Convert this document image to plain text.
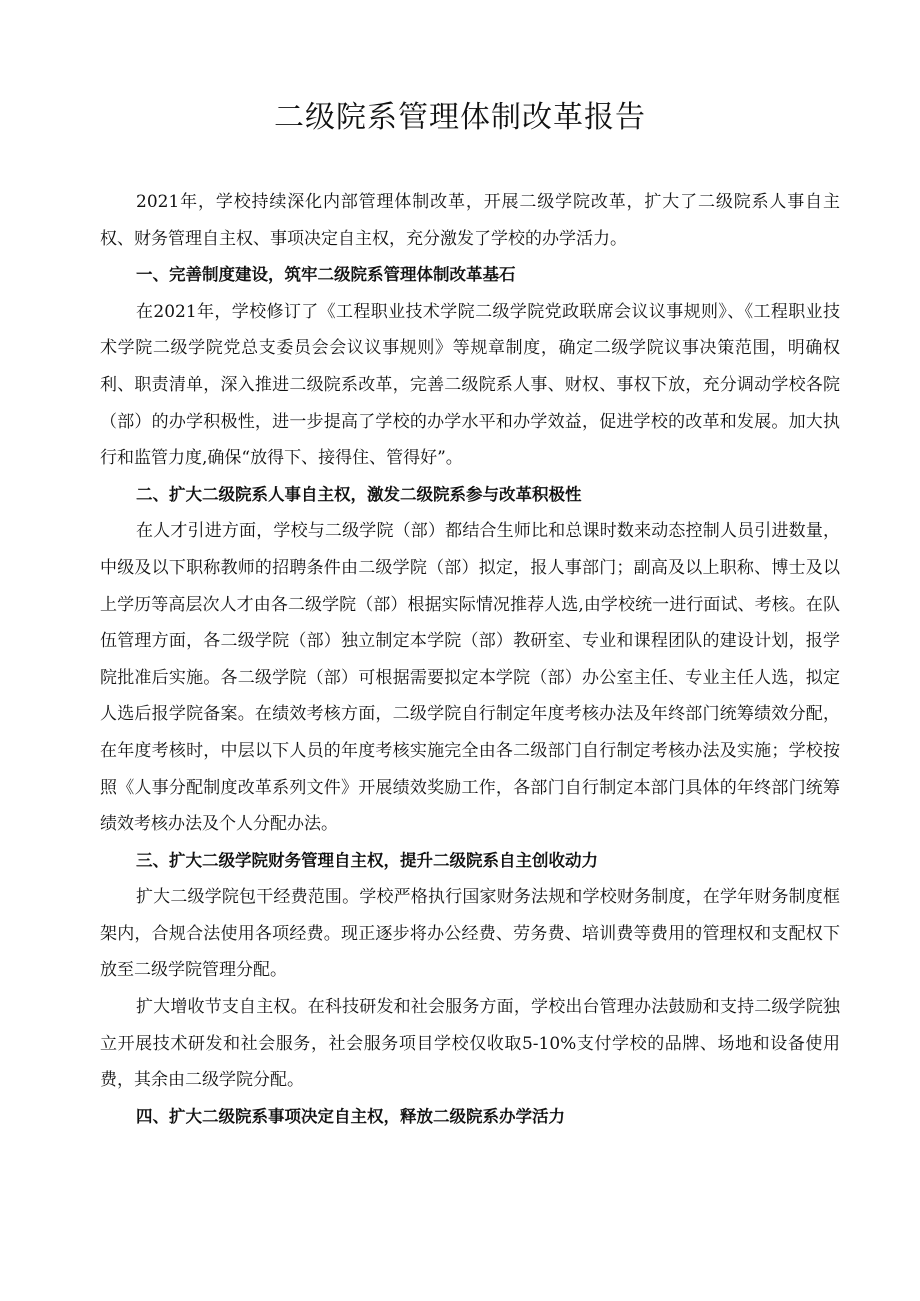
二级院系管理体制改革报告

2021年，学校持续深化内部管理体制改革，开展二级学院改革，扩大了二级院系人事自主权、财务管理自主权、事项决定自主权，充分激发了学校的办学活力。

一、完善制度建设，筑牢二级院系管理体制改革基石

在2021年，学校修订了《工程职业技术学院二级学院党政联席会议议事规则》、《工程职业技术学院二级学院党总支委员会会议议事规则》等规章制度，确定二级学院议事决策范围，明确权利、职责清单，深入推进二级院系改革，完善二级院系人事、财权、事权下放，充分调动学校各院（部）的办学积极性，进一步提高了学校的办学水平和办学效益，促进学校的改革和发展。加大执行和监管力度,确保“放得下、接得住、管得好”。

二、扩大二级院系人事自主权，激发二级院系参与改革积极性

在人才引进方面，学校与二级学院（部）都结合生师比和总课时数来动态控制人员引进数量，中级及以下职称教师的招聘条件由二级学院（部）拟定，报人事部门；副高及以上职称、博士及以上学历等高层次人才由各二级学院（部）根据实际情况推荐人选,由学校统一进行面试、考核。在队伍管理方面，各二级学院（部）独立制定本学院（部）教研室、专业和课程团队的建设计划，报学院批准后实施。各二级学院（部）可根据需要拟定本学院（部）办公室主任、专业主任人选，拟定人选后报学院备案。在绩效考核方面，二级学院自行制定年度考核办法及年终部门统筹绩效分配，在年度考核时，中层以下人员的年度考核实施完全由各二级部门自行制定考核办法及实施；学校按照《人事分配制度改革系列文件》开展绩效奖励工作，各部门自行制定本部门具体的年终部门统筹绩效考核办法及个人分配办法。

三、扩大二级学院财务管理自主权，提升二级院系自主创收动力

扩大二级学院包干经费范围。学校严格执行国家财务法规和学校财务制度，在学年财务制度框架内，合规合法使用各项经费。现正逐步将办公经费、劳务费、培训费等费用的管理权和支配权下放至二级学院管理分配。

扩大增收节支自主权。在科技研发和社会服务方面，学校出台管理办法鼓励和支持二级学院独立开展技术研发和社会服务，社会服务项目学校仅收取5-10%支付学校的品牌、场地和设备使用费，其余由二级学院分配。

四、扩大二级院系事项决定自主权，释放二级院系办学活力
